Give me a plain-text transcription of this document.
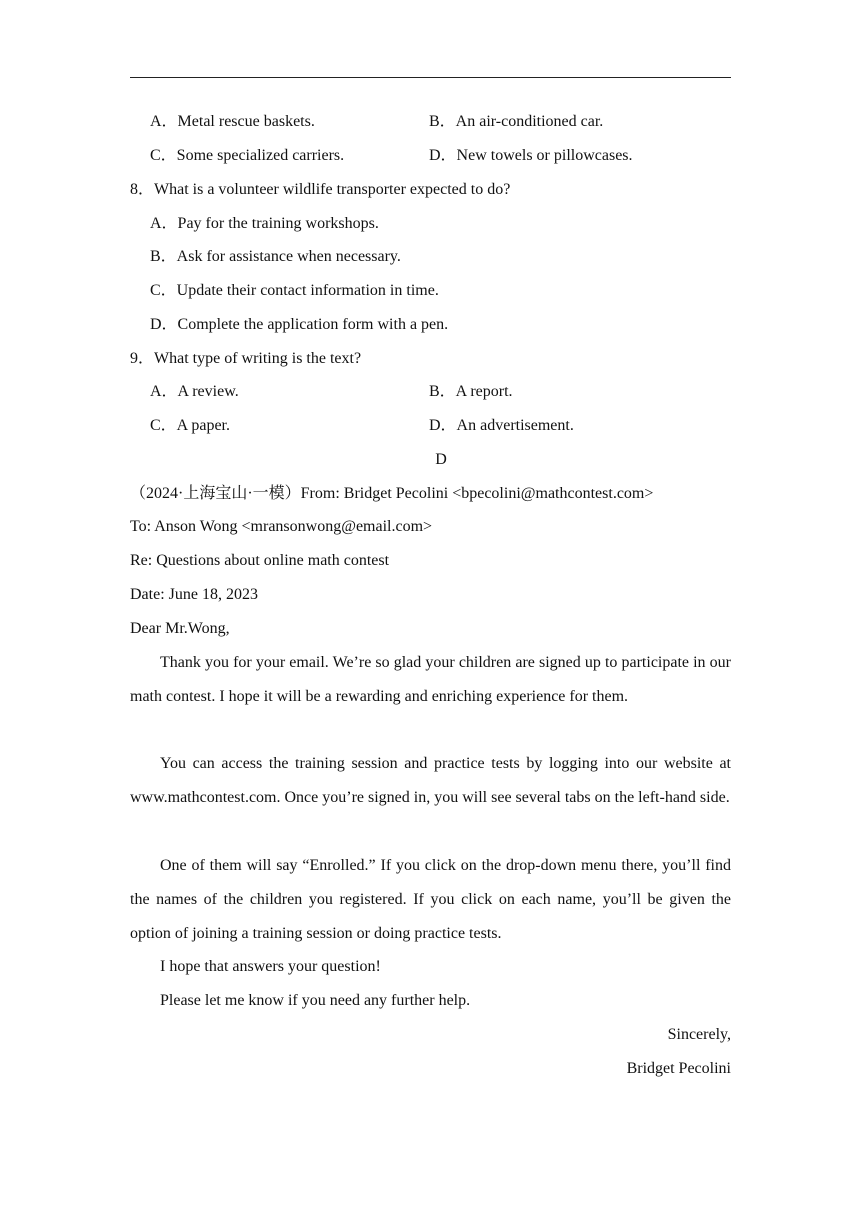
A．Metal rescue baskets.	B．An air-conditioned car.
C．Some specialized carriers.	D．New towels or pillowcases.
8．What is a volunteer wildlife transporter expected to do?
A．Pay for the training workshops.
B．Ask for assistance when necessary.
C．Update their contact information in time.
D．Complete the application form with a pen.
9．What type of writing is the text?
A．A review.	B．A report.
C．A paper.	D．An advertisement.
D
（2024·上海宝山·一模）From: Bridget Pecolini <bpecolini@mathcontest.com>
To: Anson Wong <mransonwong@email.com>
Re: Questions about online math contest
Date: June 18, 2023
Dear Mr.Wong,
Thank you for your email. We’re so glad your children are signed up to participate in our math contest. I hope it will be a rewarding and enriching experience for them.
You can access the training session and practice tests by logging into our website at www.mathcontest.com. Once you’re signed in, you will see several tabs on the left-hand side.
One of them will say “Enrolled.” If you click on the drop-down menu there, you’ll find the names of the children you registered. If you click on each name, you’ll be given the option of joining a training session or doing practice tests.
I hope that answers your question!
Please let me know if you need any further help.
Sincerely,
Bridget Pecolini
